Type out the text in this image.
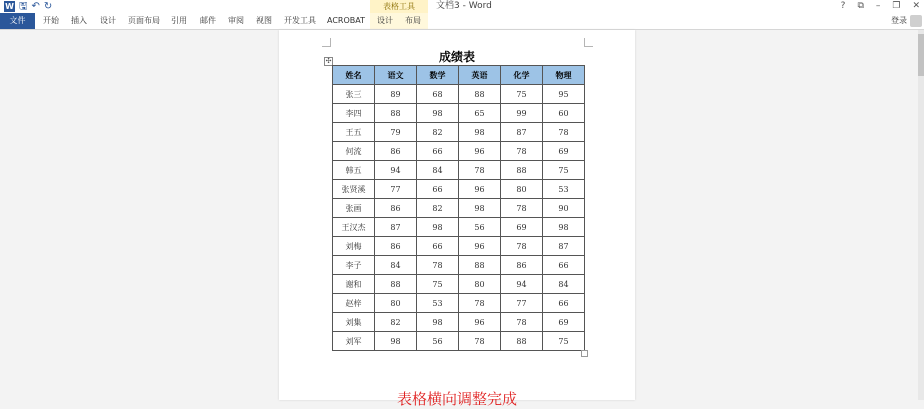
W 🖫 ↶ ↻	表格工具	文档3 - Word	? ⧉ – ❐ ✕
文件	开始 插入 设计 页面布局 引用 邮件 审阅 视图 开发工具 ACROBAT 设计 布局	登录
成绩表
✣
姓名	语文	数学	英语	化学	物理
张三	89	68	88	75	95
李四	88	98	65	99	60
王五	79	82	98	87	78
何流	86	66	96	78	69
韩五	94	84	78	88	75
张贤溪	77	66	96	80	53
张画	86	82	98	78	90
王汉杰	87	98	56	69	98
刘梅	86	66	96	78	87
李子	84	78	88	86	66
谢和	88	75	80	94	84
赵梓	80	53	78	77	66
刘集	82	98	96	78	69
刘军	98	56	78	88	75
表格横向调整完成
